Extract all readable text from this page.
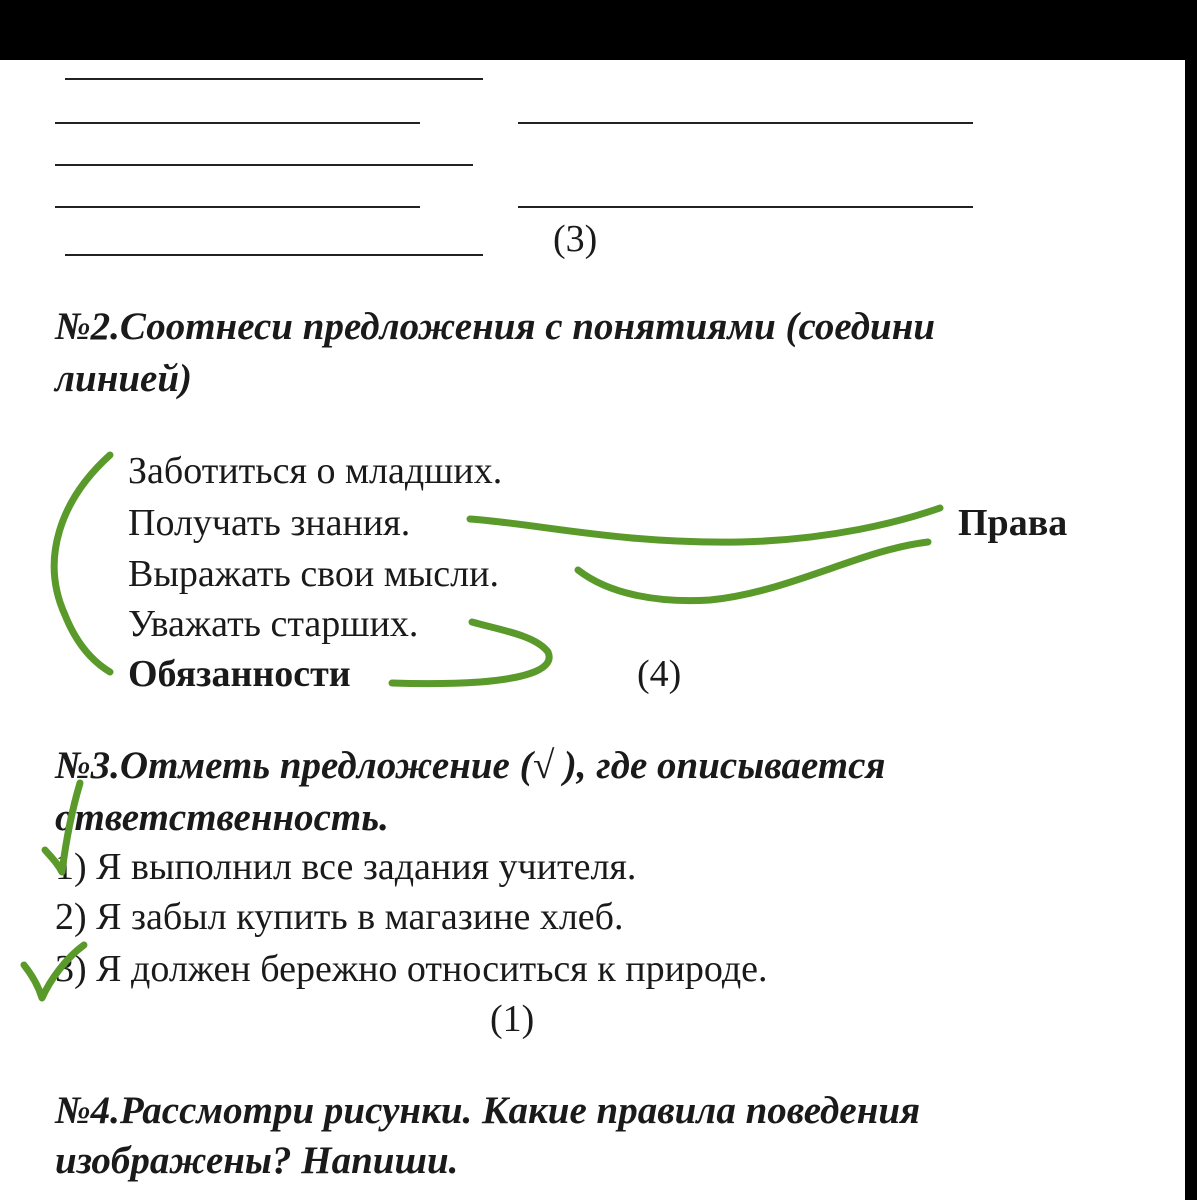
(3)
№2.Соотнеси предложения с понятиями (соедини
линией)
Заботиться о младших.
Получать знания.
Выражать свои мысли.
Уважать старших.
Обязанности
Права
(4)
№3.Отметь предложение (√ ), где описывается
ответственность.
1) Я выполнил все задания учителя.
2) Я забыл купить в магазине хлеб.
3) Я должен бережно относиться к природе.
(1)
№4.Рассмотри рисунки. Какие правила поведения
изображены? Напиши.
